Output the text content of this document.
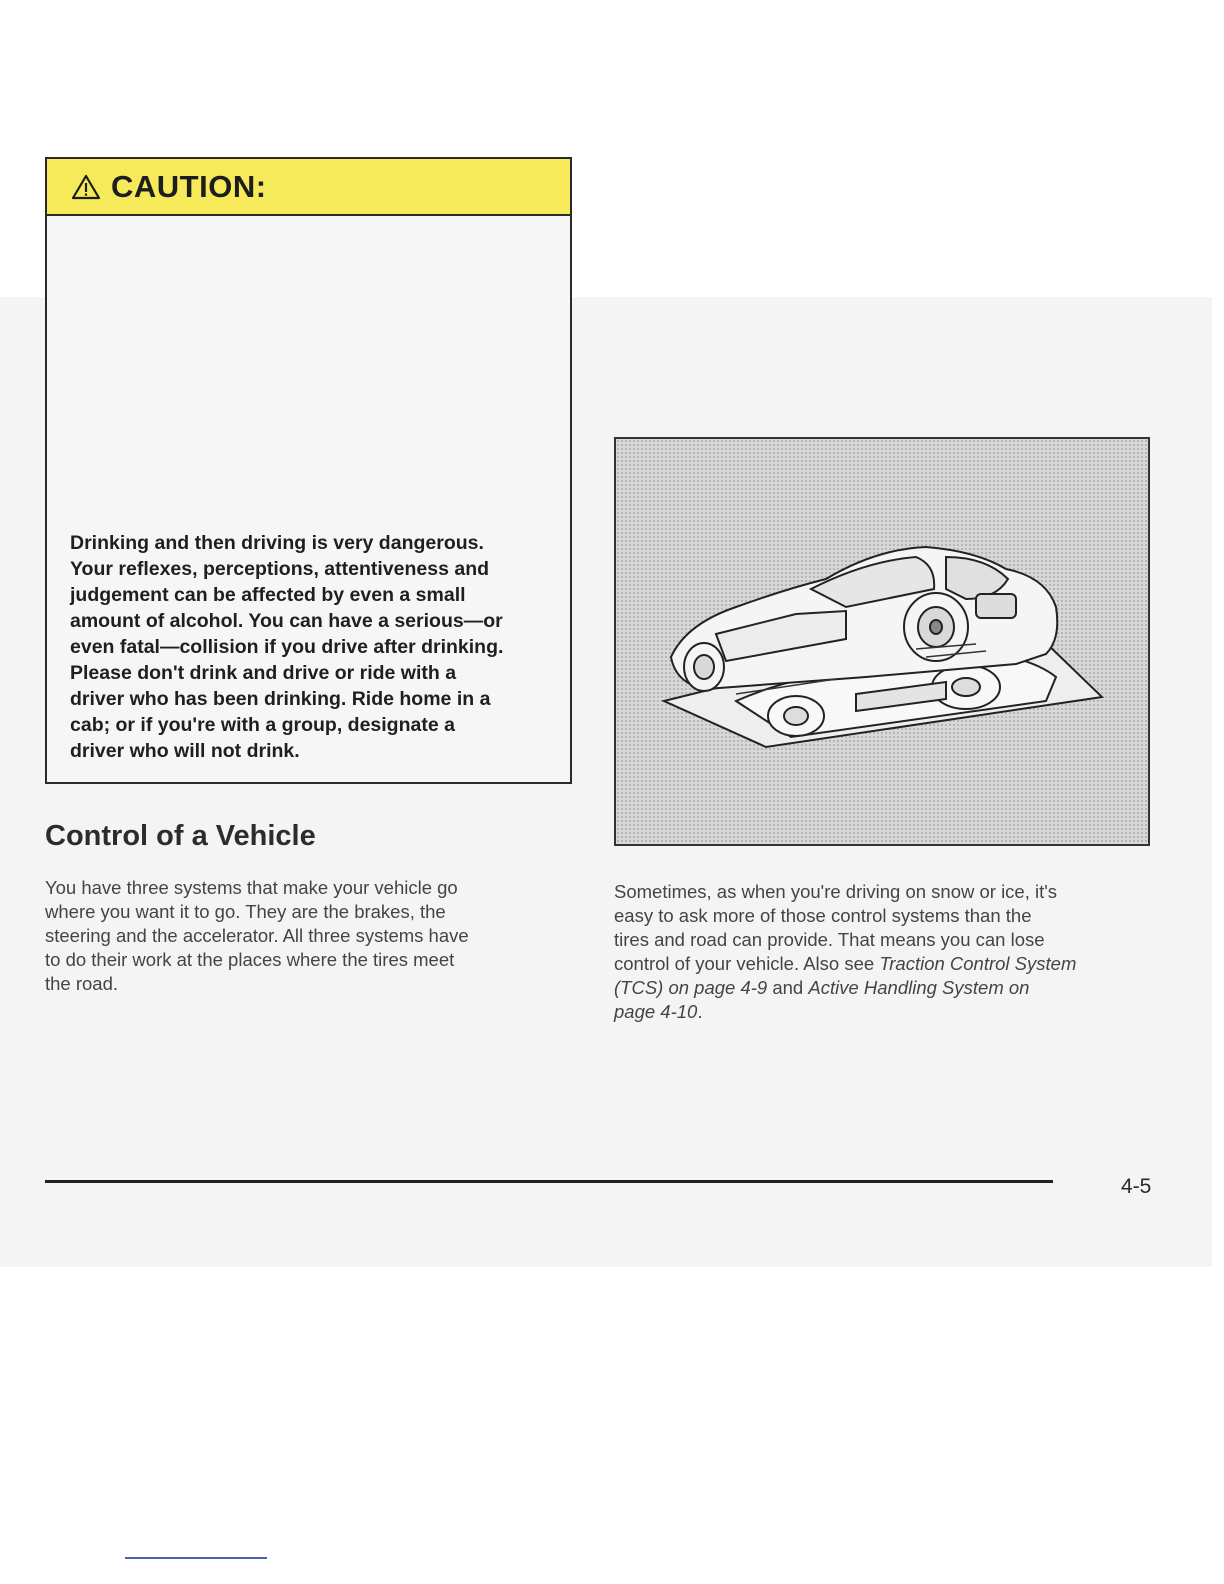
CAUTION:
Drinking and then driving is very dangerous.
Your reflexes, perceptions, attentiveness and
judgement can be affected by even a small
amount of alcohol. You can have a serious—or
even fatal—collision if you drive after drinking.
Please don't drink and drive or ride with a
driver who has been drinking. Ride home in a
cab; or if you're with a group, designate a
driver who will not drink.
Control of a Vehicle

You have three systems that make your vehicle go
where you want it to go. They are the brakes, the
steering and the accelerator. All three systems have
to do their work at the places where the tires meet
the road.

Sometimes, as when you're driving on snow or ice, it's
easy to ask more of those control systems than the
tires and road can provide. That means you can lose
control of your vehicle. Also see Traction Control System
(TCS) on page 4-9 and Active Handling System on
page 4-10.

4-5
